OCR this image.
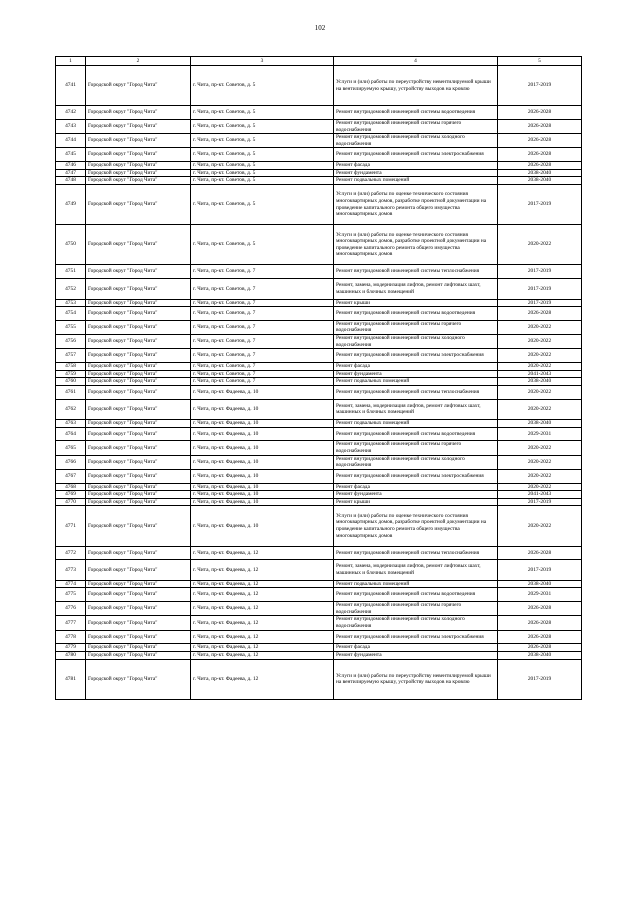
102
1	2	3	4	5
4741	Городской округ "Город Чита"	г. Чита, пр-кт. Советов, д. 5	Услуги и (или) работы по переустройству невентилируемой крыши на вентилируемую крышу, устройству выходов на кровлю	2017-2019
4742	Городской округ "Город Чита"	г. Чита, пр-кт. Советов, д. 5	Ремонт внутридомовой инженерной системы водоотведения	2026-2028
4743	Городской округ "Город Чита"	г. Чита, пр-кт. Советов, д. 5	Ремонт внутридомовой инженерной системы горячего водоснабжения	2026-2028
4744	Городской округ "Город Чита"	г. Чита, пр-кт. Советов, д. 5	Ремонт внутридомовой инженерной системы холодного водоснабжения	2026-2028
4745	Городской округ "Город Чита"	г. Чита, пр-кт. Советов, д. 5	Ремонт внутридомовой инженерной системы электроснабжения	2026-2028
4746	Городской округ "Город Чита"	г. Чита, пр-кт. Советов, д. 5	Ремонт фасада	2026-2028
4747	Городской округ "Город Чита"	г. Чита, пр-кт. Советов, д. 5	Ремонт фундамента	2038-2040
4748	Городской округ "Город Чита"	г. Чита, пр-кт. Советов, д. 5	Ремонт подвальных помещений	2038-2040
4749	Городской округ "Город Чита"	г. Чита, пр-кт. Советов, д. 5	Услуги и (или) работы по оценке технического состояния многоквартирных домов, разработке проектной документации на проведение капитального ремонта общего имущества многоквартирных домов	2017-2019
4750	Городской округ "Город Чита"	г. Чита, пр-кт. Советов, д. 5	Услуги и (или) работы по оценке технического состояния многоквартирных домов, разработке проектной документации на проведение капитального ремонта общего имущества многоквартирных домов	2020-2022
4751	Городской округ "Город Чита"	г. Чита, пр-кт. Советов, д. 7	Ремонт внутридомовой инженерной системы теплоснабжения	2017-2019
4752	Городской округ "Город Чита"	г. Чита, пр-кт. Советов, д. 7	Ремонт, замена, модернизация лифтов, ремонт лифтовых шахт, машинных и блочных помещений	2017-2019
4753	Городской округ "Город Чита"	г. Чита, пр-кт. Советов, д. 7	Ремонт крыши	2017-2019
4754	Городской округ "Город Чита"	г. Чита, пр-кт. Советов, д. 7	Ремонт внутридомовой инженерной системы водоотведения	2026-2028
4755	Городской округ "Город Чита"	г. Чита, пр-кт. Советов, д. 7	Ремонт внутридомовой инженерной системы горячего водоснабжения	2020-2022
4756	Городской округ "Город Чита"	г. Чита, пр-кт. Советов, д. 7	Ремонт внутридомовой инженерной системы холодного водоснабжения	2020-2022
4757	Городской округ "Город Чита"	г. Чита, пр-кт. Советов, д. 7	Ремонт внутридомовой инженерной системы электроснабжения	2020-2022
4758	Городской округ "Город Чита"	г. Чита, пр-кт. Советов, д. 7	Ремонт фасада	2020-2022
4759	Городской округ "Город Чита"	г. Чита, пр-кт. Советов, д. 7	Ремонт фундамента	2041-2043
4760	Городской округ "Город Чита"	г. Чита, пр-кт. Советов, д. 7	Ремонт подвальных помещений	2038-2040
4761	Городской округ "Город Чита"	г. Чита, пр-кт. Фадеева, д. 10	Ремонт внутридомовой инженерной системы теплоснабжения	2020-2022
4762	Городской округ "Город Чита"	г. Чита, пр-кт. Фадеева, д. 10	Ремонт, замена, модернизация лифтов, ремонт лифтовых шахт, машинных и блочных помещений	2020-2022
4763	Городской округ "Город Чита"	г. Чита, пр-кт. Фадеева, д. 10	Ремонт подвальных помещений	2038-2040
4764	Городской округ "Город Чита"	г. Чита, пр-кт. Фадеева, д. 10	Ремонт внутридомовой инженерной системы водоотведения	2029-2031
4765	Городской округ "Город Чита"	г. Чита, пр-кт. Фадеева, д. 10	Ремонт внутридомовой инженерной системы горячего водоснабжения	2020-2022
4766	Городской округ "Город Чита"	г. Чита, пр-кт. Фадеева, д. 10	Ремонт внутридомовой инженерной системы холодного водоснабжения	2020-2022
4767	Городской округ "Город Чита"	г. Чита, пр-кт. Фадеева, д. 10	Ремонт внутридомовой инженерной системы электроснабжения	2020-2022
4768	Городской округ "Город Чита"	г. Чита, пр-кт. Фадеева, д. 10	Ремонт фасада	2020-2022
4769	Городской округ "Город Чита"	г. Чита, пр-кт. Фадеева, д. 10	Ремонт фундамента	2041-2043
4770	Городской округ "Город Чита"	г. Чита, пр-кт. Фадеева, д. 10	Ремонт крыши	2017-2019
4771	Городской округ "Город Чита"	г. Чита, пр-кт. Фадеева, д. 10	Услуги и (или) работы по оценке технического состояния многоквартирных домов, разработке проектной документации на проведение капитального ремонта общего имущества многоквартирных домов	2020-2022
4772	Городской округ "Город Чита"	г. Чита, пр-кт. Фадеева, д. 12	Ремонт внутридомовой инженерной системы теплоснабжения	2026-2028
4773	Городской округ "Город Чита"	г. Чита, пр-кт. Фадеева, д. 12	Ремонт, замена, модернизация лифтов, ремонт лифтовых шахт, машинных и блочных помещений	2017-2019
4774	Городской округ "Город Чита"	г. Чита, пр-кт. Фадеева, д. 12	Ремонт подвальных помещений	2038-2040
4775	Городской округ "Город Чита"	г. Чита, пр-кт. Фадеева, д. 12	Ремонт внутридомовой инженерной системы водоотведения	2029-2031
4776	Городской округ "Город Чита"	г. Чита, пр-кт. Фадеева, д. 12	Ремонт внутридомовой инженерной системы горячего водоснабжения	2026-2028
4777	Городской округ "Город Чита"	г. Чита, пр-кт. Фадеева, д. 12	Ремонт внутридомовой инженерной системы холодного водоснабжения	2026-2028
4778	Городской округ "Город Чита"	г. Чита, пр-кт. Фадеева, д. 12	Ремонт внутридомовой инженерной системы электроснабжения	2026-2028
4779	Городской округ "Город Чита"	г. Чита, пр-кт. Фадеева, д. 12	Ремонт фасада	2026-2028
4780	Городской округ "Город Чита"	г. Чита, пр-кт. Фадеева, д. 12	Ремонт фундамента	2038-2040
4781	Городской округ "Город Чита"	г. Чита, пр-кт. Фадеева, д. 12	Услуги и (или) работы по переустройству невентилируемой крыши на вентилируемую крышу, устройству выходов на кровлю	2017-2019
